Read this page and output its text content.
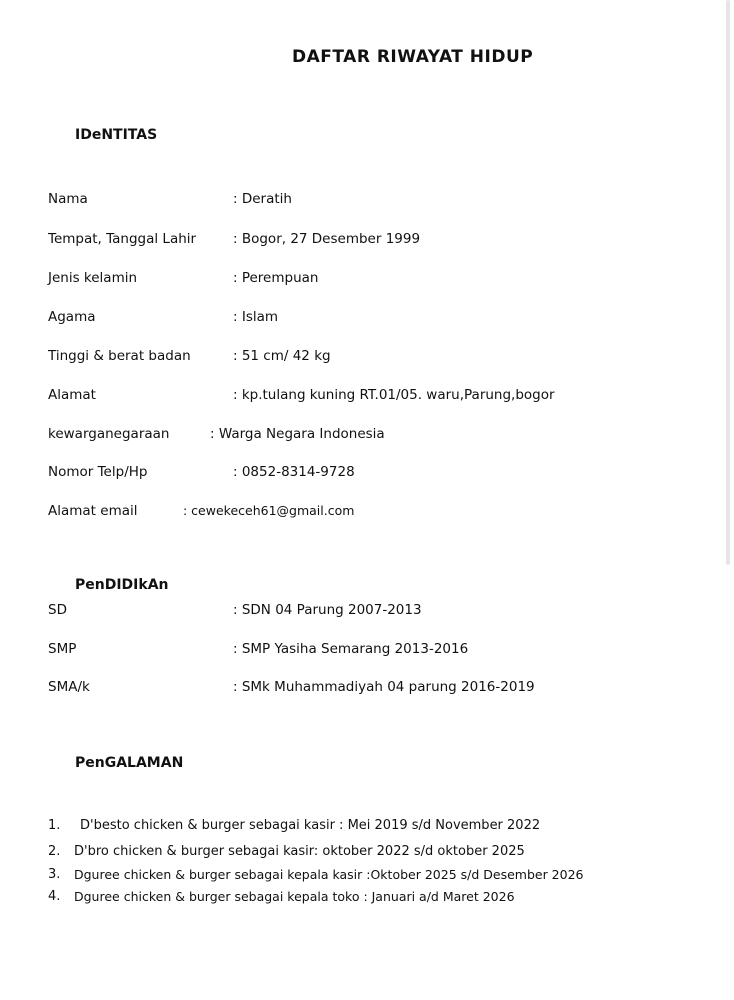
DAFTAR RIWAYAT HIDUP
IDeNTITAS
Nama	: Deratih
Tempat, Tanggal Lahir	: Bogor, 27 Desember 1999
Jenis kelamin	: Perempuan
Agama	: Islam
Tinggi & berat badan	: 51 cm/ 42 kg
Alamat	: kp.tulang kuning RT.01/05. waru,Parung,bogor
kewarganegaraan	: Warga Negara Indonesia
Nomor Telp/Hp	: 0852-8314-9728
Alamat email	: cewekeceh61@gmail.com
PenDIDIkAn
SD	: SDN 04 Parung 2007-2013
SMP	: SMP Yasiha Semarang 2013-2016
SMA/k	: SMk Muhammadiyah 04 parung 2016-2019
PenGALAMAN
1. D'besto chicken & burger sebagai kasir : Mei 2019 s/d November 2022
2. D'bro chicken & burger sebagai kasir: oktober 2022 s/d oktober 2025
3. Dguree chicken & burger sebagai kepala kasir :Oktober 2025 s/d Desember 2026
4. Dguree chicken & burger sebagai kepala toko : Januari a/d Maret 2026
